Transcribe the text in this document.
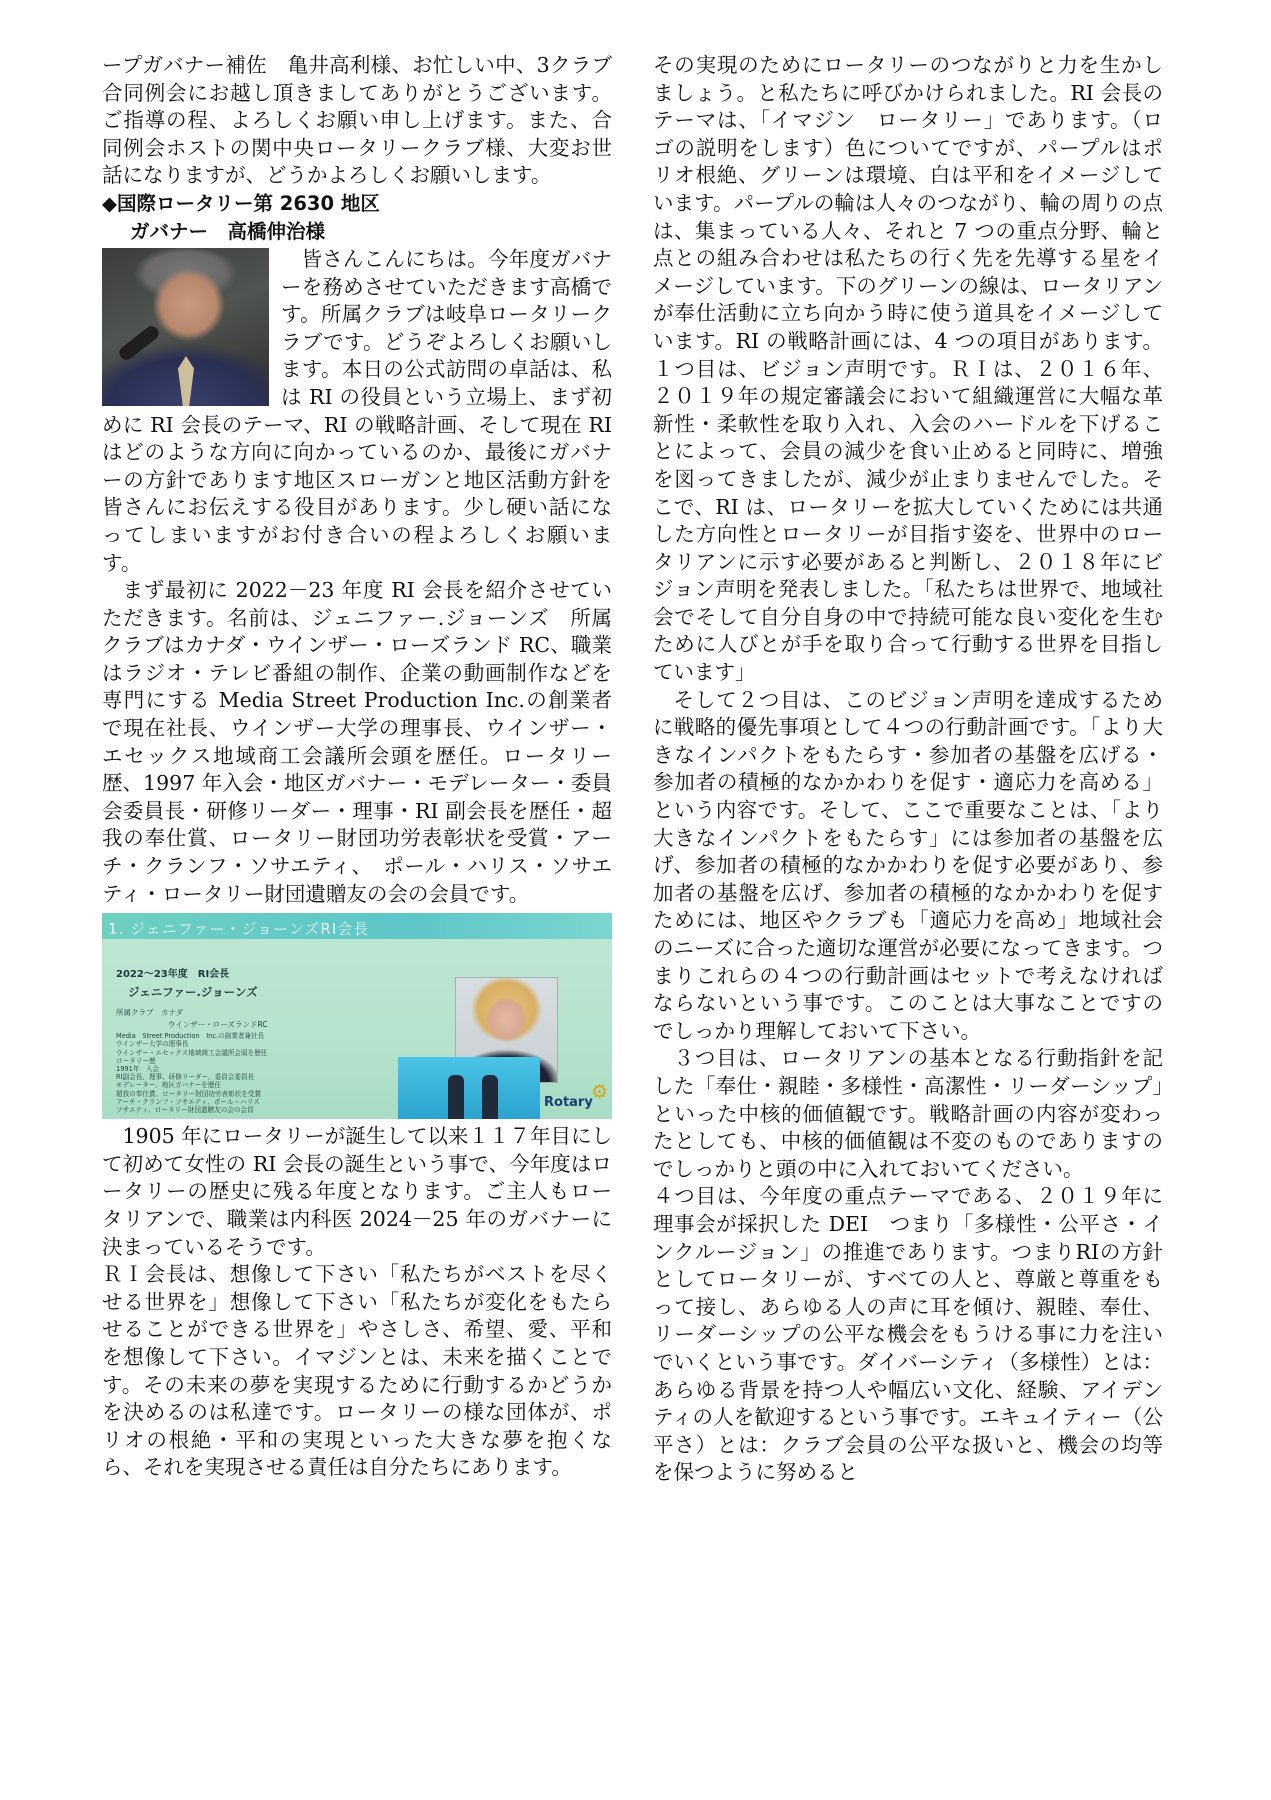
ープガバナー補佐　亀井高利様、お忙しい中、3クラブ合同例会にお越し頂きましてありがとうございます。ご指導の程、よろしくお願い申し上げます。また、合同例会ホストの関中央ロータリークラブ様、大変お世話になりますが、どうかよろしくお願いします。

◆国際ロータリー第 2630 地区
ガバナー　高橋伸治様

皆さんこんにちは。今年度ガバナーを務めさせていただきます高橋です。所属クラブは岐阜ロータリークラブです。どうぞよろしくお願いします。本日の公式訪問の卓話は、私は RI の役員という立場上、まず初めに RI 会長のテーマ、RI の戦略計画、そして現在 RI はどのような方向に向かっているのか、最後にガバナーの方針であります地区スローガンと地区活動方針を皆さんにお伝えする役目があります。少し硬い話になってしまいますがお付き合いの程よろしくお願います。

まず最初に 2022－23 年度 RI 会長を紹介させていただきます。名前は、ジェニファー.ジョーンズ　所属クラブはカナダ・ウインザー・ローズランド RC、職業はラジオ・テレビ番組の制作、企業の動画制作などを専門にする Media Street Production Inc.の創業者で現在社長、ウインザー大学の理事長、ウインザー・エセックス地域商工会議所会頭を歴任。ロータリー歴、1997 年入会・地区ガバナー・モデレーター・委員会委員長・研修リーダー・理事・RI 副会長を歴任・超我の奉仕賞、ロータリー財団功労表彰状を受賞・アーチ・クランフ・ソサエティ、　ポール・ハリス・ソサエティ・ロータリー財団遺贈友の会の会員です。

1. ジェニファー・ジョーンズRI会長
2022～23年度　RI会長
ジェニファー.ジョーンズ
所属クラブ　カナダ
ウインザー・ローズランドRC
Media　Street Production　Inc.の創業者兼社長
ウインザー大学の理事長
ウインザー・エセックス地域商工会議所会頭を歴任
ロータリー歴
1991年　入会
RI副会長、理事、研修リーダー、委員会委員長
モデレーター、地区ガバナーを歴任
超我の奉仕賞、ロータリー財団功労表彰状を受賞
アーチ・クランフ・ソサエティ、ポール・ハリス
ソサエティ、ロータリー財団遺贈友の会の会員	Rotary
⚙

1905 年にロータリーが誕生して以来１１７年目にして初めて女性の RI 会長の誕生という事で、今年度はロータリーの歴史に残る年度となります。ご主人もロータリアンで、職業は内科医 2024－25 年のガバナーに決まっているそうです。

ＲＩ会長は、想像して下さい「私たちがベストを尽くせる世界を」想像して下さい「私たちが変化をもたらせることができる世界を」やさしさ、希望、愛、平和を想像して下さい。イマジンとは、未来を描くことです。その未来の夢を実現するために行動するかどうかを決めるのは私達です。ロータリーの様な団体が、ポリオの根絶・平和の実現といった大きな夢を抱くなら、それを実現させる責任は自分たちにあります。

その実現のためにロータリーのつながりと力を生かしましょう。と私たちに呼びかけられました。RI 会長のテーマは、「イマジン　ロータリー」であります。（ロゴの説明をします）色についてですが、パープルはポリオ根絶、グリーンは環境、白は平和をイメージしています。パープルの輪は人々のつながり、輪の周りの点は、集まっている人々、それと 7 つの重点分野、輪と点との組み合わせは私たちの行く先を先導する星をイメージしています。下のグリーンの線は、ロータリアンが奉仕活動に立ち向かう時に使う道具をイメージしています。RI の戦略計画には、4 つの項目があります。１つ目は、ビジョン声明です。ＲＩは、２０１６年、２０１９年の規定審議会において組織運営に大幅な革新性・柔軟性を取り入れ、入会のハードルを下げることによって、会員の減少を食い止めると同時に、増強を図ってきましたが、減少が止まりませんでした。そこで、RI は、ロータリーを拡大していくためには共通した方向性とロータリーが目指す姿を、世界中のロータリアンに示す必要があると判断し、２０１８年にビジョン声明を発表しました。「私たちは世界で、地域社会でそして自分自身の中で持続可能な良い変化を生むために人びとが手を取り合って行動する世界を目指しています」

そして２つ目は、このビジョン声明を達成するために戦略的優先事項として４つの行動計画です。「より大きなインパクトをもたらす・参加者の基盤を広げる・参加者の積極的なかかわりを促す・適応力を高める」という内容です。そして、ここで重要なことは、「より大きなインパクトをもたらす」には参加者の基盤を広げ、参加者の積極的なかかわりを促す必要があり、参加者の基盤を広げ、参加者の積極的なかかわりを促すためには、地区やクラブも「適応力を高め」地域社会のニーズに合った適切な運営が必要になってきます。つまりこれらの４つの行動計画はセットで考えなければならないという事です。このことは大事なことですのでしっかり理解しておいて下さい。

３つ目は、ロータリアンの基本となる行動指針を記した「奉仕・親睦・多様性・高潔性・リーダーシップ」といった中核的価値観です。戦略計画の内容が変わったとしても、中核的価値観は不変のものでありますのでしっかりと頭の中に入れておいてください。

４つ目は、今年度の重点テーマである、２０１９年に理事会が採択した DEI　つまり「多様性・公平さ・インクルージョン」の推進であります。つまりRIの方針としてロータリーが、すべての人と、尊厳と尊重をもって接し、あらゆる人の声に耳を傾け、親睦、奉仕、リーダーシップの公平な機会をもうける事に力を注いでいくという事です。ダイバーシティ（多様性）とは：あらゆる背景を持つ人や幅広い文化、経験、アイデンティの人を歓迎するという事です。エキュイティー（公平さ）とは：クラブ会員の公平な扱いと、機会の均等を保つように努めると
